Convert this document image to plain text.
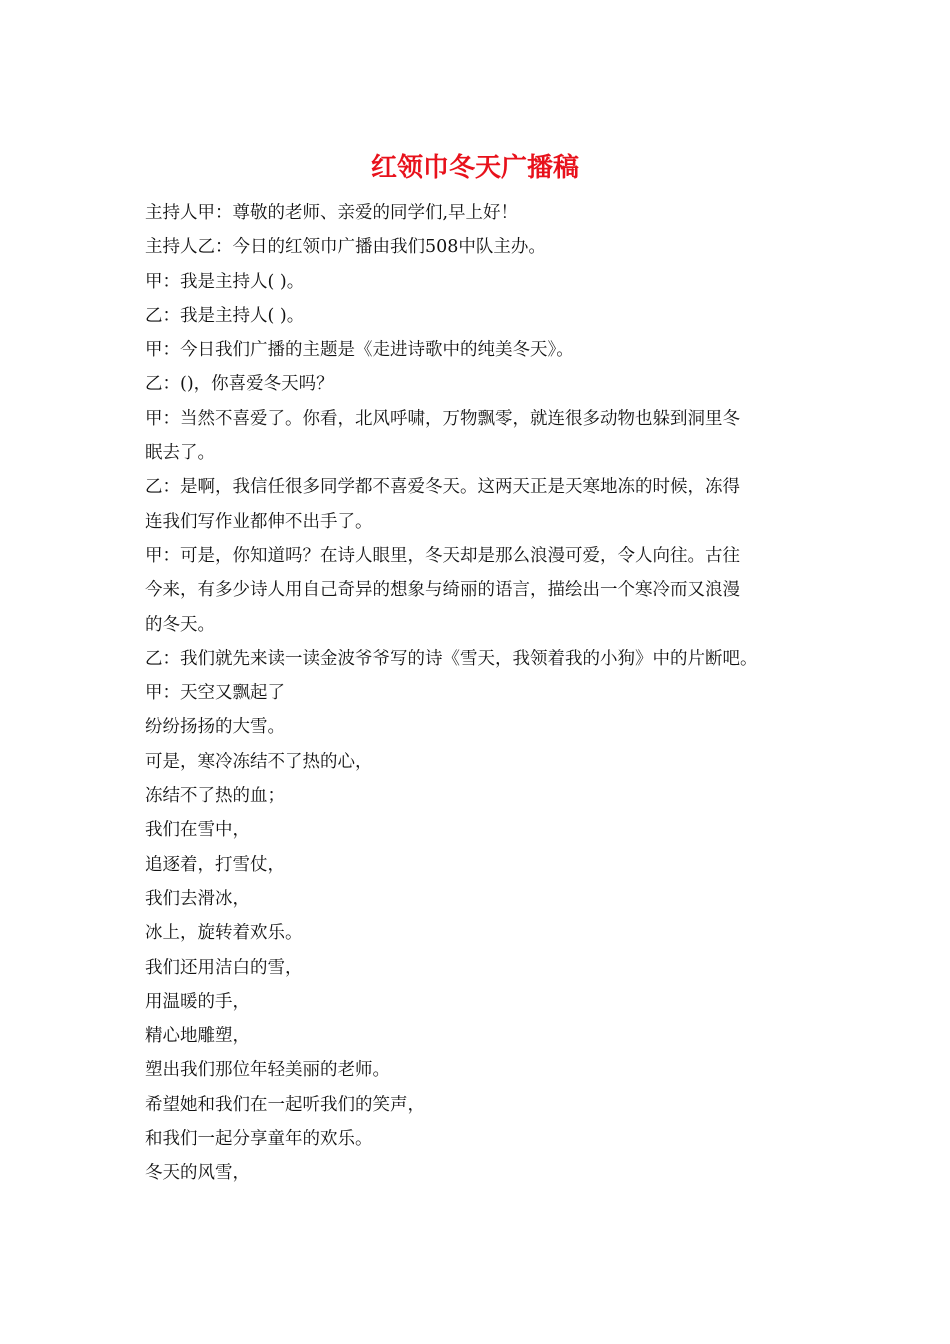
红领巾冬天广播稿
主持人甲：尊敬的老师、亲爱的同学们,早上好！
主持人乙：今日的红领巾广播由我们508中队主办。
甲：我是主持人( )。
乙：我是主持人( )。
甲：今日我们广播的主题是《走进诗歌中的纯美冬天》。
乙：()，你喜爱冬天吗？
甲：当然不喜爱了。你看，北风呼啸，万物飘零，就连很多动物也躲到洞里冬
眠去了。
乙：是啊，我信任很多同学都不喜爱冬天。这两天正是天寒地冻的时候，冻得
连我们写作业都伸不出手了。
甲：可是，你知道吗？在诗人眼里，冬天却是那么浪漫可爱，令人向往。古往
今来，有多少诗人用自己奇异的想象与绮丽的语言，描绘出一个寒冷而又浪漫
的冬天。
乙：我们就先来读一读金波爷爷写的诗《雪天，我领着我的小狗》中的片断吧。
甲：天空又飘起了
纷纷扬扬的大雪。
可是，寒冷冻结不了热的心，
冻结不了热的血；
我们在雪中，
追逐着，打雪仗，
我们去滑冰，
冰上，旋转着欢乐。
我们还用洁白的雪，
用温暖的手，
精心地雕塑，
塑出我们那位年轻美丽的老师。
希望她和我们在一起听我们的笑声，
和我们一起分享童年的欢乐。
冬天的风雪，
